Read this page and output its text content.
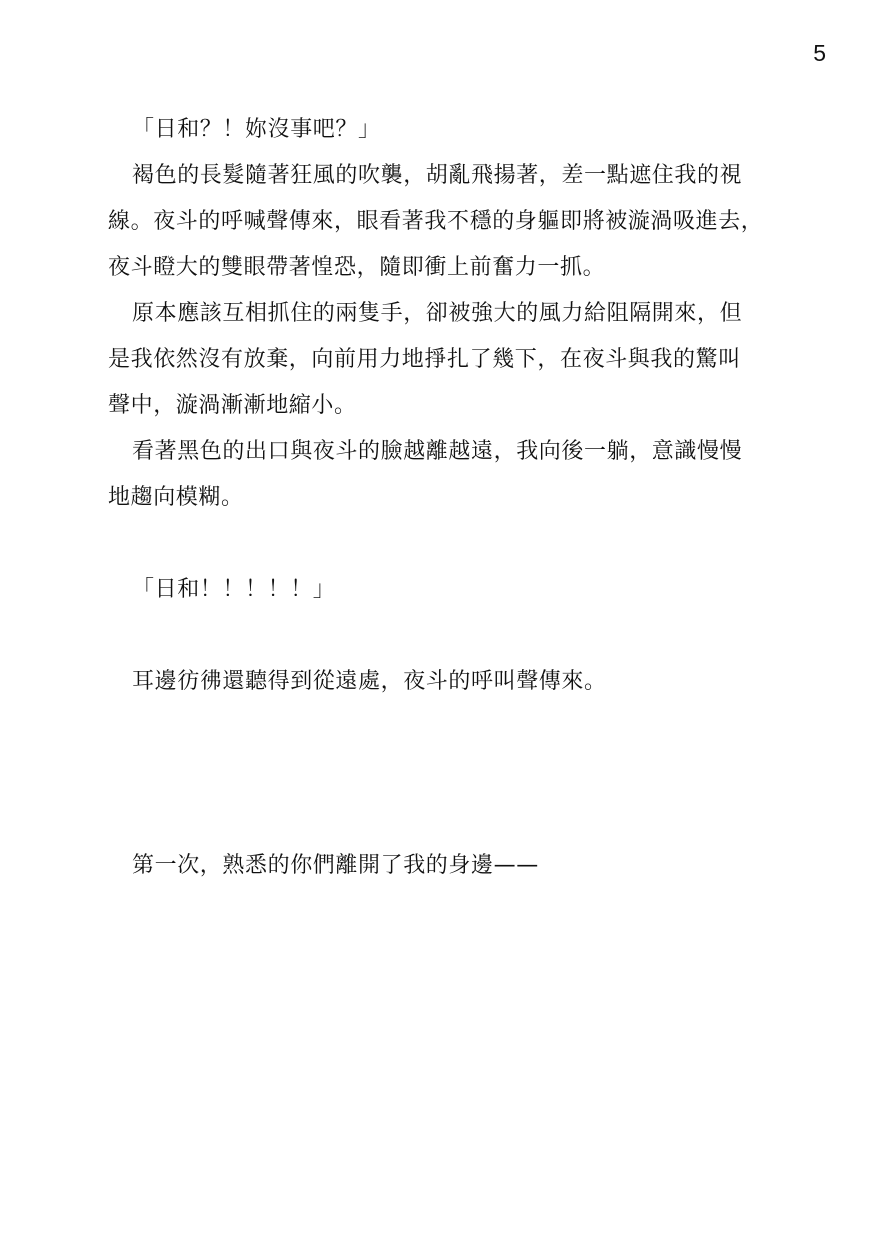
5
「日和？！妳沒事吧？」
褐色的長髮隨著狂風的吹襲，胡亂飛揚著，差一點遮住我的視
線。夜斗的呼喊聲傳來，眼看著我不穩的身軀即將被漩渦吸進去，
夜斗瞪大的雙眼帶著惶恐，隨即衝上前奮力一抓。
原本應該互相抓住的兩隻手，卻被強大的風力給阻隔開來，但
是我依然沒有放棄，向前用力地掙扎了幾下，在夜斗與我的驚叫
聲中，漩渦漸漸地縮小。
看著黑色的出口與夜斗的臉越離越遠，我向後一躺，意識慢慢
地趨向模糊。
「日和！！！！！」
耳邊彷彿還聽得到從遠處，夜斗的呼叫聲傳來。
第一次，熟悉的你們離開了我的身邊——
